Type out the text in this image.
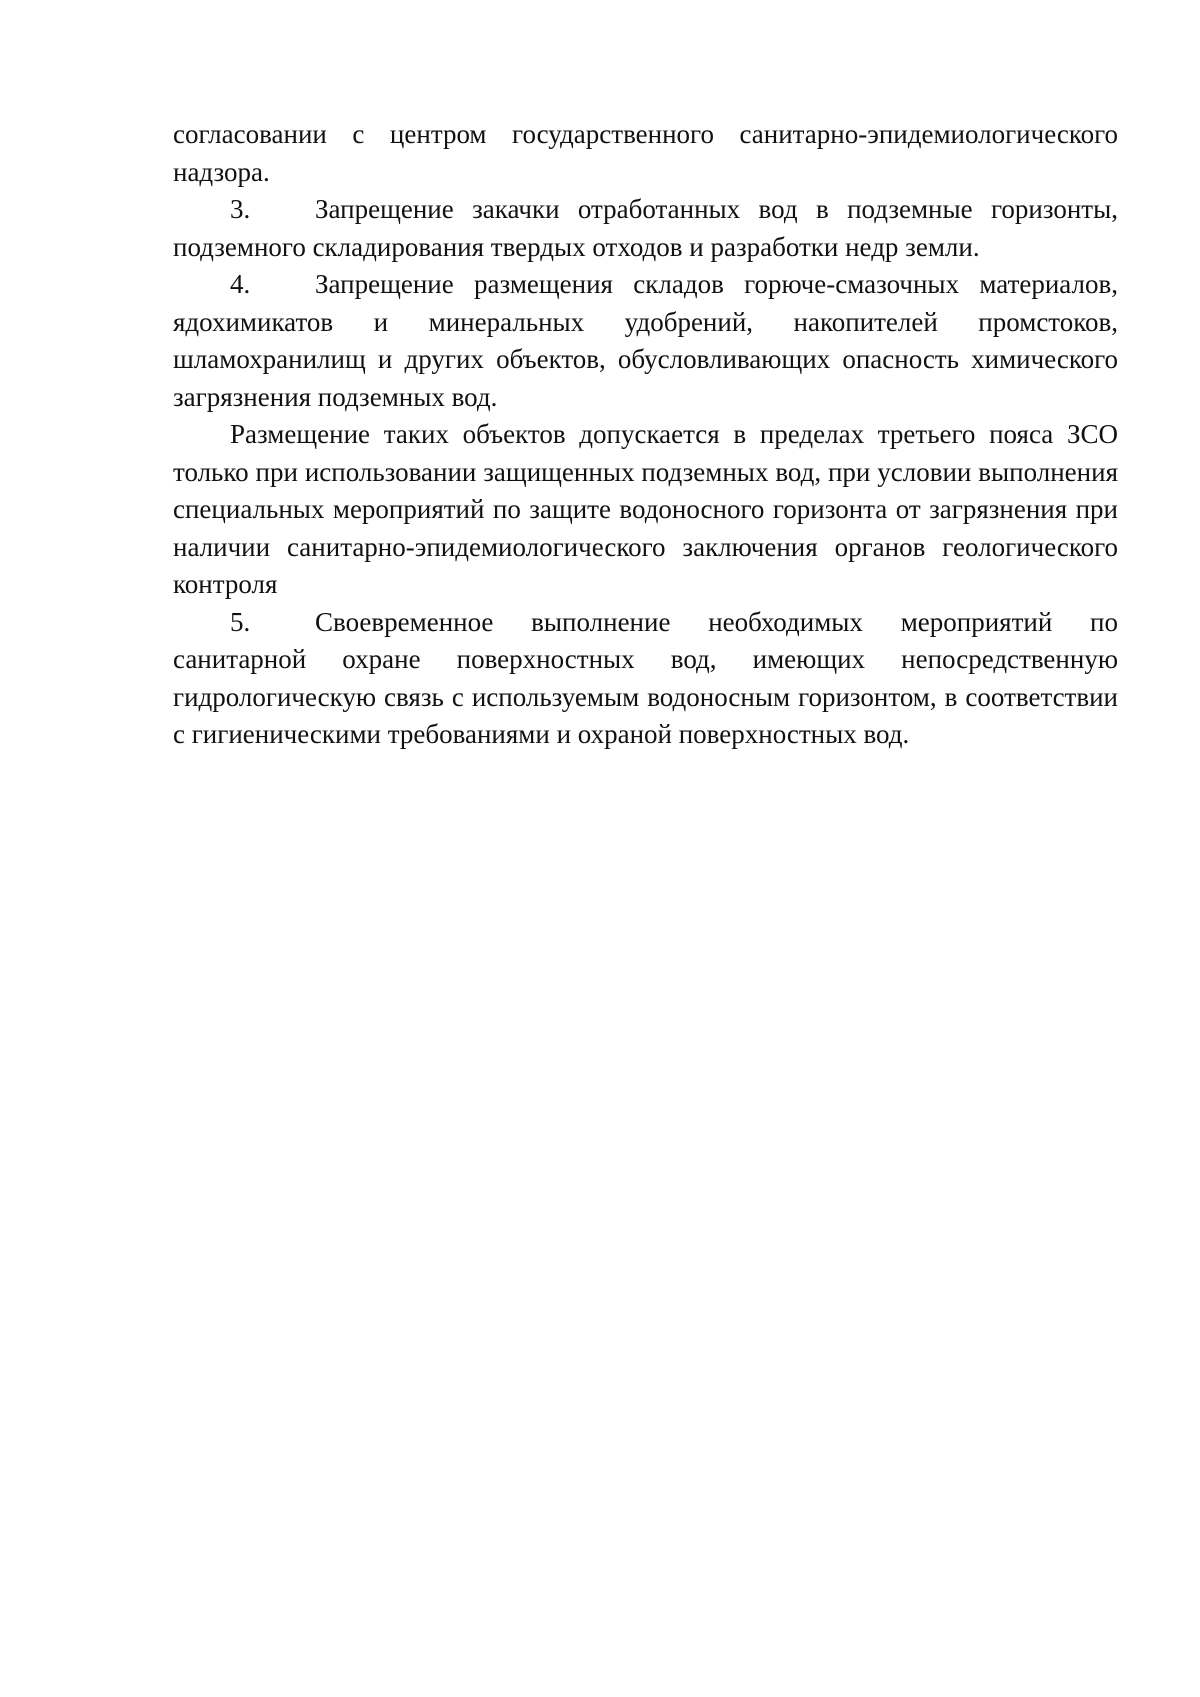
согласовании с центром государственного санитарно-эпидемиологического надзора.

3. Запрещение закачки отработанных вод в подземные горизонты, подземного складирования твердых отходов и разработки недр земли.

4. Запрещение размещения складов горюче-смазочных материалов, ядохимикатов и минеральных удобрений, накопителей промстоков, шламохранилищ и других объектов, обусловливающих опасность химического загрязнения подземных вод.

Размещение таких объектов допускается в пределах третьего пояса ЗСО только при использовании защищенных подземных вод, при условии выполнения специальных мероприятий по защите водоносного горизонта от загрязнения при наличии санитарно-эпидемиологического заключения органов геологического контроля

5. Своевременное выполнение необходимых мероприятий по санитарной охране поверхностных вод, имеющих непосредственную гидрологическую связь с используемым водоносным горизонтом, в соответствии с гигиеническими требованиями и охраной поверхностных вод.
